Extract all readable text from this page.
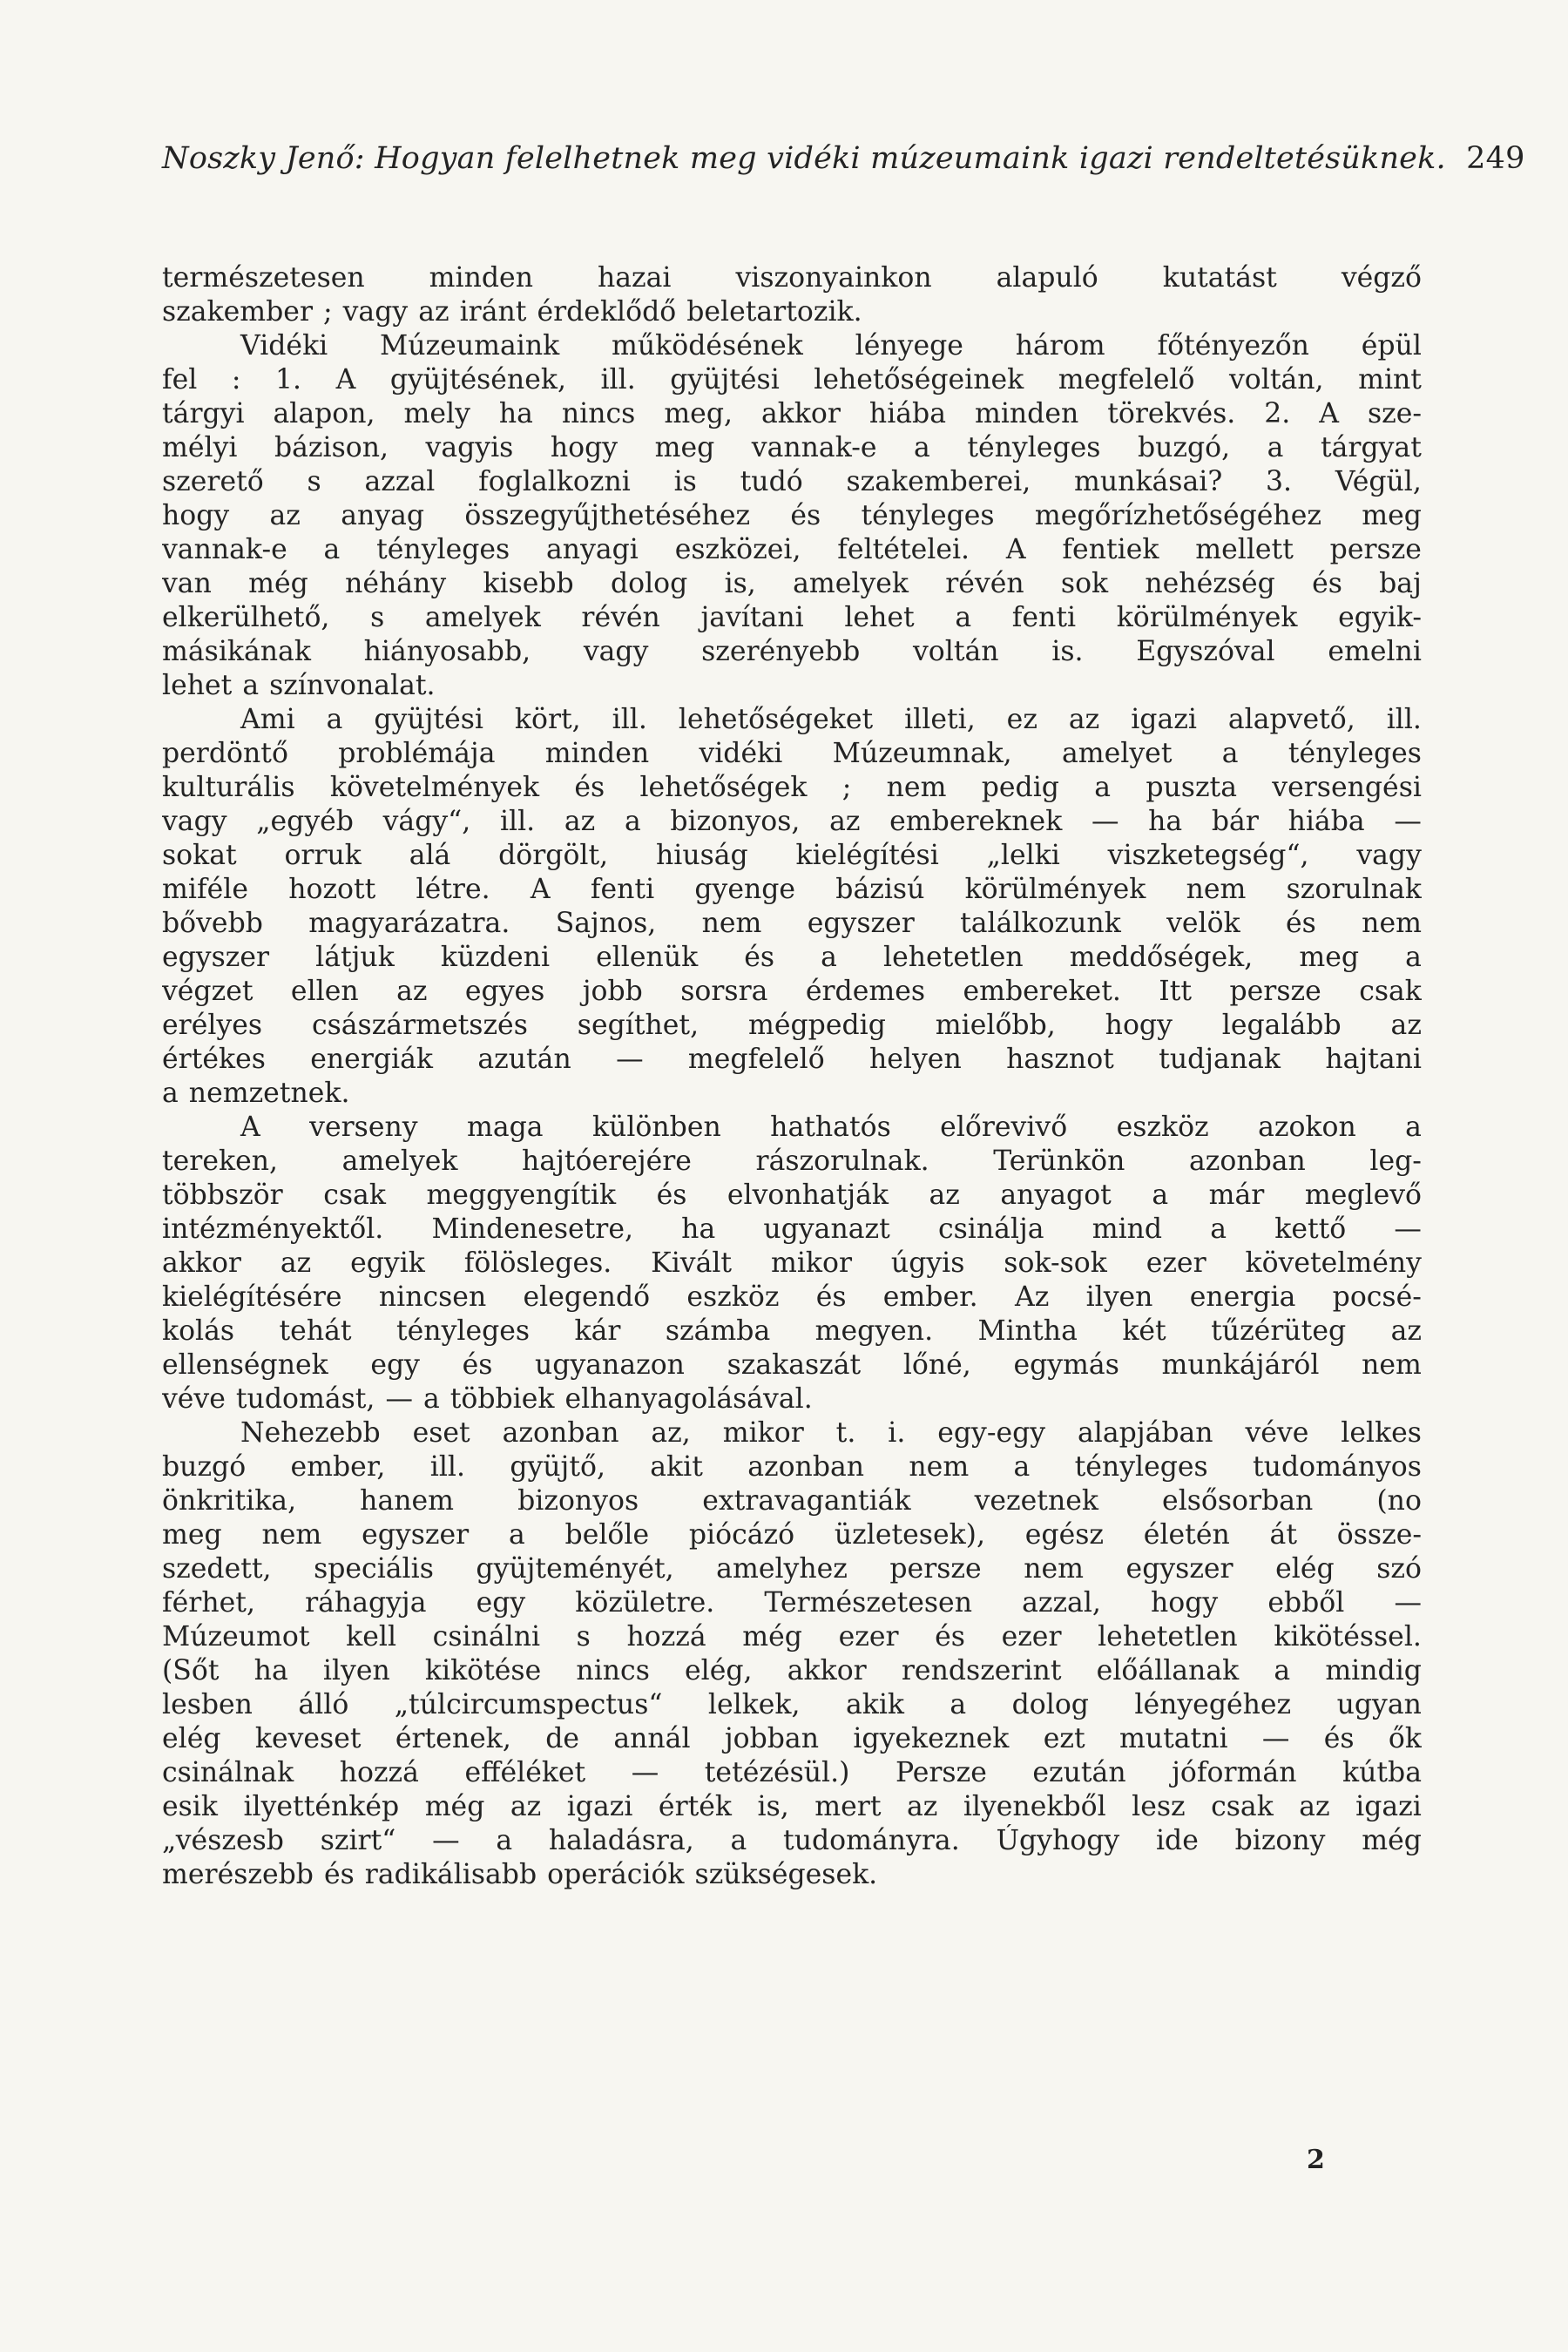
Noszky Jenő: Hogyan felelhetnek meg vidéki múzeumaink igazi rendeltetésüknek. 249
természetesen minden hazai viszonyainkon alapuló kutatást végző
szakember ; vagy az iránt érdeklődő beletartozik.
Vidéki Múzeumaink működésének lényege három főtényezőn épül
fel : 1. A gyüjtésének, ill. gyüjtési lehetőségeinek megfelelő voltán, mint
tárgyi alapon, mely ha nincs meg, akkor hiába minden törekvés. 2. A sze-
mélyi bázison, vagyis hogy meg vannak-e a tényleges buzgó, a tárgyat
szerető s azzal foglalkozni is tudó szakemberei, munkásai? 3. Végül,
hogy az anyag összegyűjthetéséhez és tényleges megőrízhetőségéhez meg
vannak-e a tényleges anyagi eszközei, feltételei. A fentiek mellett persze
van még néhány kisebb dolog is, amelyek révén sok nehézség és baj
elkerülhető, s amelyek révén javítani lehet a fenti körülmények egyik-
másikának hiányosabb, vagy szerényebb voltán is. Egyszóval emelni
lehet a színvonalat.
Ami a gyüjtési kört, ill. lehetőségeket illeti, ez az igazi alapvető, ill.
perdöntő problémája minden vidéki Múzeumnak, amelyet a tényleges
kulturális követelmények és lehetőségek ; nem pedig a puszta versengési
vagy „egyéb vágy“, ill. az a bizonyos, az embereknek — ha bár hiába —
sokat orruk alá dörgölt, hiuság kielégítési „lelki viszketegség“, vagy
miféle hozott létre. A fenti gyenge bázisú körülmények nem szorulnak
bővebb magyarázatra. Sajnos, nem egyszer találkozunk velök és nem
egyszer látjuk küzdeni ellenük és a lehetetlen meddőségek, meg a
végzet ellen az egyes jobb sorsra érdemes embereket. Itt persze csak
erélyes császármetszés segíthet, mégpedig mielőbb, hogy legalább az
értékes energiák azután — megfelelő helyen hasznot tudjanak hajtani
a nemzetnek.
A verseny maga különben hathatós előrevivő eszköz azokon a
tereken, amelyek hajtóerejére rászorulnak. Terünkön azonban leg-
többször csak meggyengítik és elvonhatják az anyagot a már meglevő
intézményektől. Mindenesetre, ha ugyanazt csinálja mind a kettő —
akkor az egyik fölösleges. Kivált mikor úgyis sok-sok ezer követelmény
kielégítésére nincsen elegendő eszköz és ember. Az ilyen energia pocsé-
kolás tehát tényleges kár számba megyen. Mintha két tűzérüteg az
ellenségnek egy és ugyanazon szakaszát lőné, egymás munkájáról nem
véve tudomást, — a többiek elhanyagolásával.
Nehezebb eset azonban az, mikor t. i. egy-egy alapjában véve lelkes
buzgó ember, ill. gyüjtő, akit azonban nem a tényleges tudományos
önkritika, hanem bizonyos extravagantiák vezetnek elsősorban (no
meg nem egyszer a belőle piócázó üzletesek), egész életén át össze-
szedett, speciális gyüjteményét, amelyhez persze nem egyszer elég szó
férhet, ráhagyja egy közületre. Természetesen azzal, hogy ebből —
Múzeumot kell csinálni s hozzá még ezer és ezer lehetetlen kikötéssel.
(Sőt ha ilyen kikötése nincs elég, akkor rendszerint előállanak a mindig
lesben álló „túlcircumspectus“ lelkek, akik a dolog lényegéhez ugyan
elég keveset értenek, de annál jobban igyekeznek ezt mutatni — és ők
csinálnak hozzá efféléket — tetézésül.) Persze ezután jóformán kútba
esik ilyetténkép még az igazi érték is, mert az ilyenekből lesz csak az igazi
„vészesb szirt“ — a haladásra, a tudományra. Úgyhogy ide bizony még
merészebb és radikálisabb operációk szükségesek.
2
